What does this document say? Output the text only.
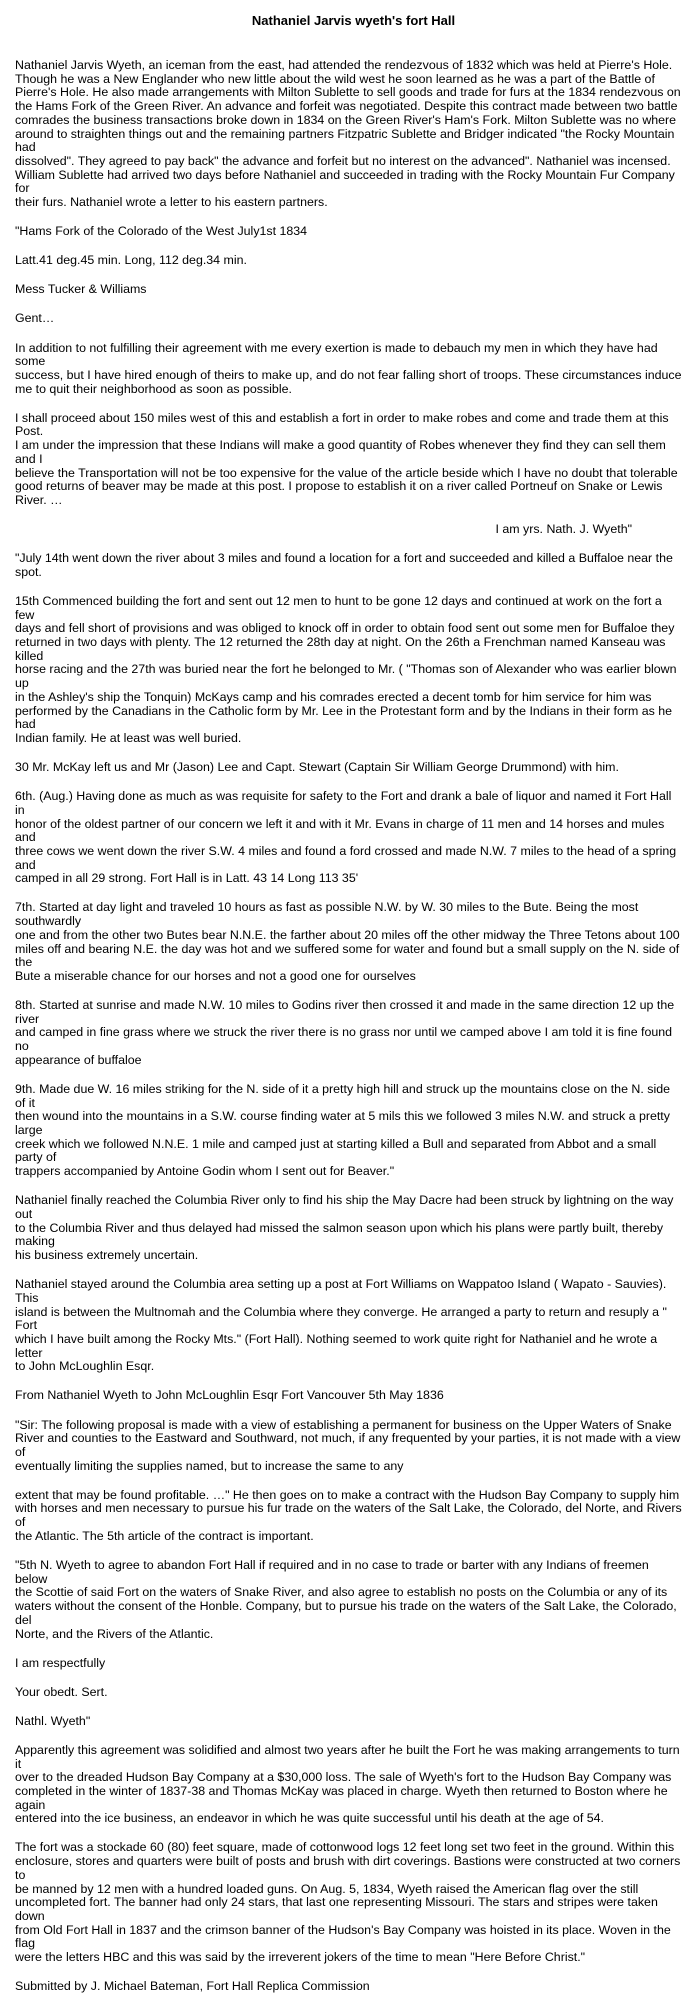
Nathaniel Jarvis wyeth's fort Hall

Nathaniel Jarvis Wyeth, an iceman from the east, had attended the rendezvous of 1832 which was held at Pierre's Hole.
Though he was a New Englander who new little about the wild west he soon learned as he was a part of the Battle of
Pierre's Hole. He also made arrangements with Milton Sublette to sell goods and trade for furs at the 1834 rendezvous on
the Hams Fork of the Green River. An advance and forfeit was negotiated. Despite this contract made between two battle
comrades the business transactions broke down in 1834 on the Green River's Ham's Fork. Milton Sublette was no where
around to straighten things out and the remaining partners Fitzpatric Sublette and Bridger indicated "the Rocky Mountain had
dissolved". They agreed to pay back" the advance and forfeit but no interest on the advanced". Nathaniel was incensed.
William Sublette had arrived two days before Nathaniel and succeeded in trading with the Rocky Mountain Fur Company for
their furs. Nathaniel wrote a letter to his eastern partners.

"Hams Fork of the Colorado of the West July1st 1834

Latt.41 deg.45 min. Long, 112 deg.34 min.

Mess Tucker & Williams

Gent…

In addition to not fulfilling their agreement with me every exertion is made to debauch my men in which they have had some
success, but I have hired enough of theirs to make up, and do not fear falling short of troops. These circumstances induce
me to quit their neighborhood as soon as possible.

I shall proceed about 150 miles west of this and establish a fort in order to make robes and come and trade them at this Post.
I am under the impression that these Indians will make a good quantity of Robes whenever they find they can sell them and I
believe the Transportation will not be too expensive for the value of the article beside which I have no doubt that tolerable
good returns of beaver may be made at this post. I propose to establish it on a river called Portneuf on Snake or Lewis River. …

I am yrs. Nath. J. Wyeth"

"July 14th went down the river about 3 miles and found a location for a fort and succeeded and killed a Buffaloe near the spot.

15th Commenced building the fort and sent out 12 men to hunt to be gone 12 days and continued at work on the fort a few
days and fell short of provisions and was obliged to knock off in order to obtain food sent out some men for Buffaloe they
returned in two days with plenty. The 12 returned the 28th day at night. On the 26th a Frenchman named Kanseau was killed
horse racing and the 27th was buried near the fort he belonged to Mr. ( "Thomas son of Alexander who was earlier blown up
in the Ashley's ship the Tonquin) McKays camp and his comrades erected a decent tomb for him service for him was
performed by the Canadians in the Catholic form by Mr. Lee in the Protestant form and by the Indians in their form as he had
Indian family. He at least was well buried.

30 Mr. McKay left us and Mr (Jason) Lee and Capt. Stewart (Captain Sir William George Drummond) with him.

6th. (Aug.) Having done as much as was requisite for safety to the Fort and drank a bale of liquor and named it Fort Hall in
honor of the oldest partner of our concern we left it and with it Mr. Evans in charge of 11 men and 14 horses and mules and
three cows we went down the river S.W. 4 miles and found a ford crossed and made N.W. 7 miles to the head of a spring and
camped in all 29 strong. Fort Hall is in Latt. 43 14 Long 113 35'

7th. Started at day light and traveled 10 hours as fast as possible N.W. by W. 30 miles to the Bute. Being the most southwardly
one and from the other two Butes bear N.N.E. the farther about 20 miles off the other midway the Three Tetons about 100
miles off and bearing N.E. the day was hot and we suffered some for water and found but a small supply on the N. side of the
Bute a miserable chance for our horses and not a good one for ourselves

8th. Started at sunrise and made N.W. 10 miles to Godins river then crossed it and made in the same direction 12 up the river
and camped in fine grass where we struck the river there is no grass nor until we camped above I am told it is fine found no
appearance of buffaloe

9th. Made due W. 16 miles striking for the N. side of it a pretty high hill and struck up the mountains close on the N. side of it
then wound into the mountains in a S.W. course finding water at 5 mils this we followed 3 miles N.W. and struck a pretty large
creek which we followed N.N.E. 1 mile and camped just at starting killed a Bull and separated from Abbot and a small party of
trappers accompanied by Antoine Godin whom I sent out for Beaver."

Nathaniel finally reached the Columbia River only to find his ship the May Dacre had been struck by lightning on the way out
to the Columbia River and thus delayed had missed the salmon season upon which his plans were partly built, thereby making
his business extremely uncertain.

Nathaniel stayed around the Columbia area setting up a post at Fort Williams on Wappatoo Island ( Wapato - Sauvies). This
island is between the Multnomah and the Columbia where they converge. He arranged a party to return and resuply a " Fort
which I have built among the Rocky Mts." (Fort Hall). Nothing seemed to work quite right for Nathaniel and he wrote a letter
to John McLoughlin Esqr.

From Nathaniel Wyeth to John McLoughlin Esqr Fort Vancouver 5th May 1836

"Sir: The following proposal is made with a view of establishing a permanent for business on the Upper Waters of Snake
River and counties to the Eastward and Southward, not much, if any frequented by your parties, it is not made with a view of
eventually limiting the supplies named, but to increase the same to any

extent that may be found profitable. …" He then goes on to make a contract with the Hudson Bay Company to supply him
with horses and men necessary to pursue his fur trade on the waters of the Salt Lake, the Colorado, del Norte, and Rivers of
the Atlantic. The 5th article of the contract is important.

"5th N. Wyeth to agree to abandon Fort Hall if required and in no case to trade or barter with any Indians of freemen below
the Scottie of said Fort on the waters of Snake River, and also agree to establish no posts on the Columbia or any of its
waters without the consent of the Honble. Company, but to pursue his trade on the waters of the Salt Lake, the Colorado, del
Norte, and the Rivers of the Atlantic.

I am respectfully

Your obedt. Sert.

Nathl. Wyeth"

Apparently this agreement was solidified and almost two years after he built the Fort he was making arrangements to turn it
over to the dreaded Hudson Bay Company at a $30,000 loss. The sale of Wyeth's fort to the Hudson Bay Company was
completed in the winter of 1837-38 and Thomas McKay was placed in charge. Wyeth then returned to Boston where he again
entered into the ice business, an endeavor in which he was quite successful until his death at the age of 54.

The fort was a stockade 60 (80) feet square, made of cottonwood logs 12 feet long set two feet in the ground. Within this
enclosure, stores and quarters were built of posts and brush with dirt coverings. Bastions were constructed at two corners to
be manned by 12 men with a hundred loaded guns. On Aug. 5, 1834, Wyeth raised the American flag over the still
uncompleted fort. The banner had only 24 stars, that last one representing Missouri. The stars and stripes were taken down
from Old Fort Hall in 1837 and the crimson banner of the Hudson's Bay Company was hoisted in its place. Woven in the flag
were the letters HBC and this was said by the irreverent jokers of the time to mean "Here Before Christ."

Submitted by J. Michael Bateman, Fort Hall Replica Commission
